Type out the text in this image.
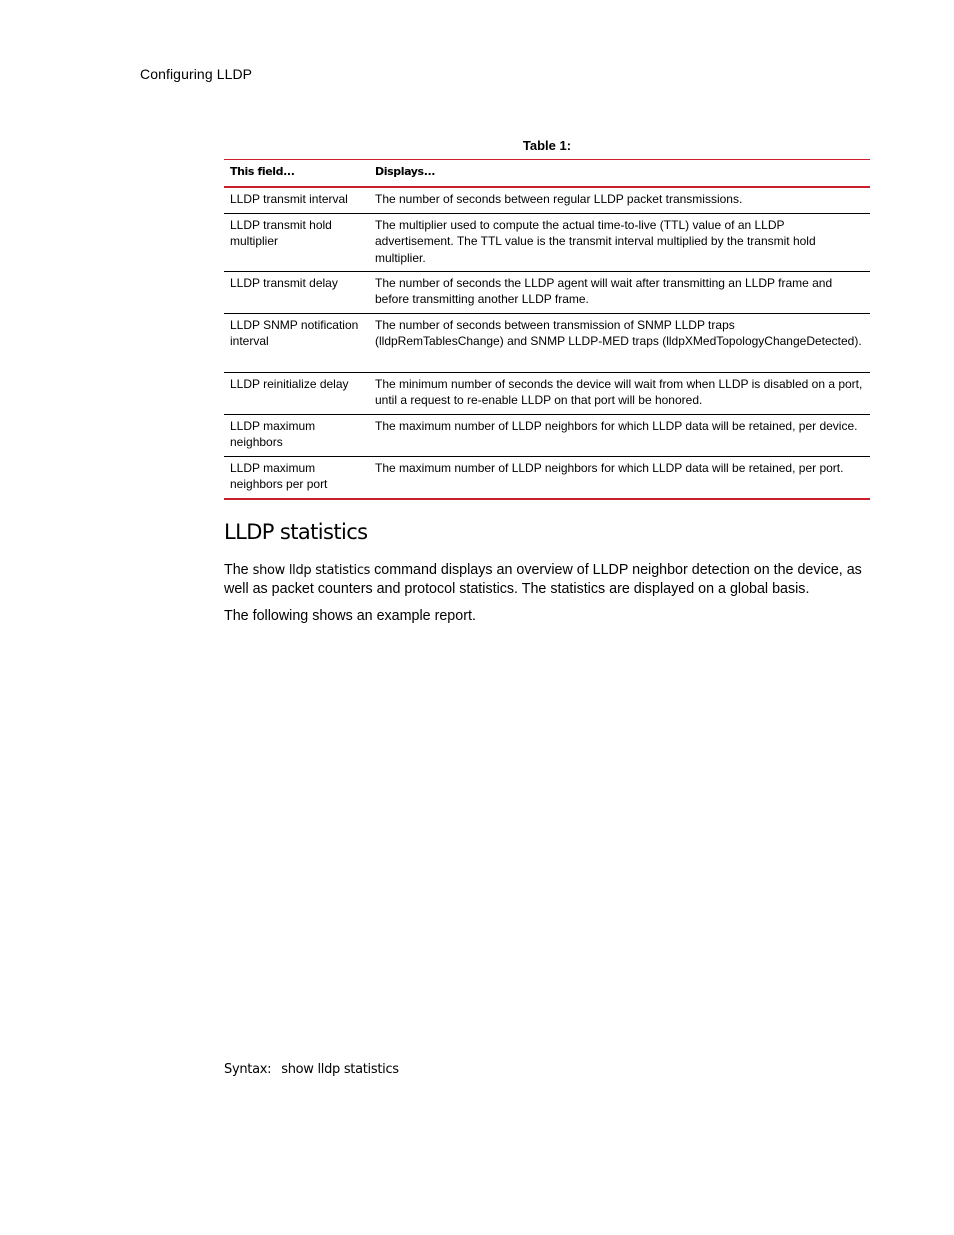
Configuring LLDP
Table 1:
This field...	Displays...
LLDP transmit interval	The number of seconds between regular LLDP packet transmissions.
LLDP transmit hold multiplier	The multiplier used to compute the actual time-to-live (TTL) value of an LLDP advertisement. The TTL value is the transmit interval multiplied by the transmit hold multiplier.
LLDP transmit delay	The number of seconds the LLDP agent will wait after transmitting an LLDP frame and before transmitting another LLDP frame.
LLDP SNMP notification interval	The number of seconds between transmission of SNMP LLDP traps (lldpRemTablesChange) and SNMP LLDP-MED traps (lldpXMedTopologyChangeDetected).
LLDP reinitialize delay	The minimum number of seconds the device will wait from when LLDP is disabled on a port, until a request to re-enable LLDP on that port will be honored.
LLDP maximum neighbors	The maximum number of LLDP neighbors for which LLDP data will be retained, per device.
LLDP maximum neighbors per port	The maximum number of LLDP neighbors for which LLDP data will be retained, per port.
LLDP statistics

The show lldp statistics command displays an overview of LLDP neighbor detection on the device, as well as packet counters and protocol statistics. The statistics are displayed on a global basis.

The following shows an example report.

Syntax: show lldp statistics
